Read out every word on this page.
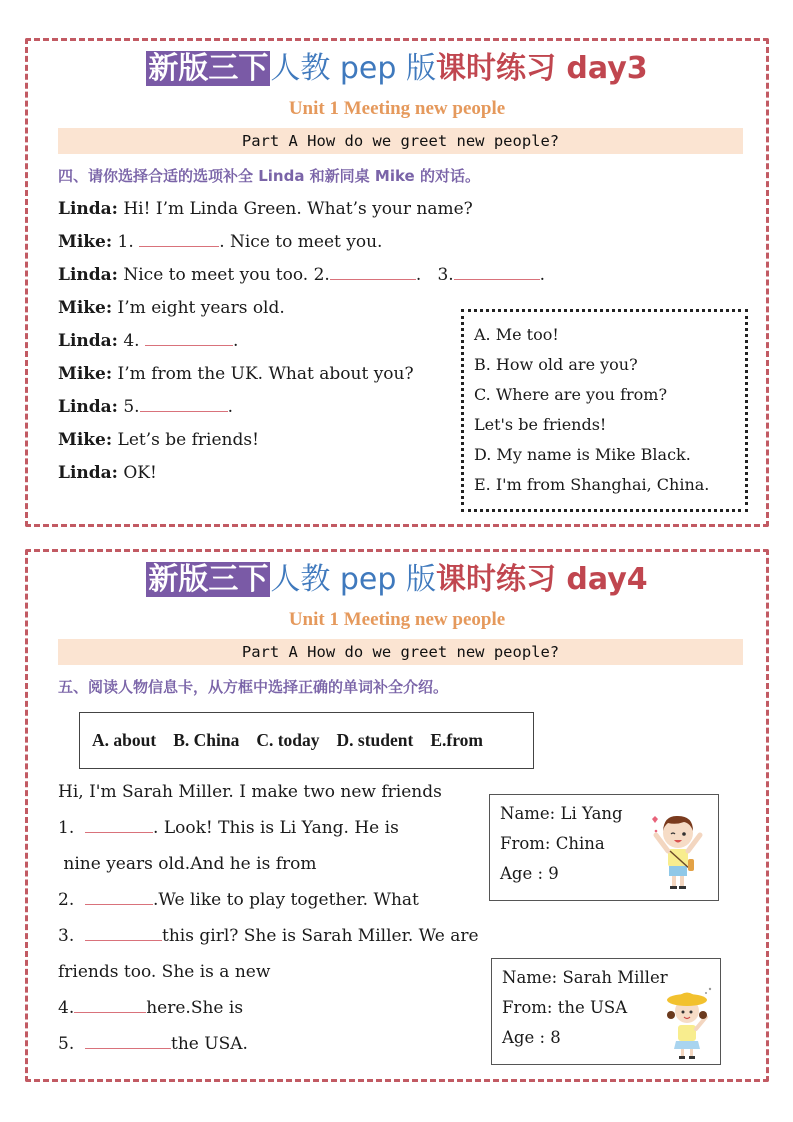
新版三下人教 pep 版课时练习 day3
Unit 1 Meeting new people
Part A How do we greet new people?
四、请你选择合适的选项补全 Linda 和新同桌 Mike 的对话。
Linda: Hi! I’m Linda Green. What’s your name?
Mike: 1.	. Nice to meet you.
Linda: Nice to meet you too. 2.	.   3.	.
Mike: I’m eight years old.
Linda: 4.	.
Mike: I’m from the UK. What about you?
Linda: 5.	.
Mike: Let’s be friends!
Linda: OK!
A. Me too!
B. How old are you?
C. Where are you from?
Let's be friends!
D. My name is Mike Black.
E. I'm from Shanghai, China.

新版三下人教 pep 版课时练习 day4
Unit 1 Meeting new people
Part A How do we greet new people?
五、阅读人物信息卡，从方框中选择正确的单词补全介绍。
A. about B. China C. today D. student E.from
Hi, I'm Sarah Miller. I make two new friends
1.	. Look! This is Li Yang. He is
nine years old.And he is from
2.	.We like to play together. What
3.	this girl? She is Sarah Miller. We are
friends too. She is a new
4.	here.She is
5.	the USA.
Name: Li Yang
From: China
Age : 9
Name: Sarah Miller
From: the USA
Age : 8
